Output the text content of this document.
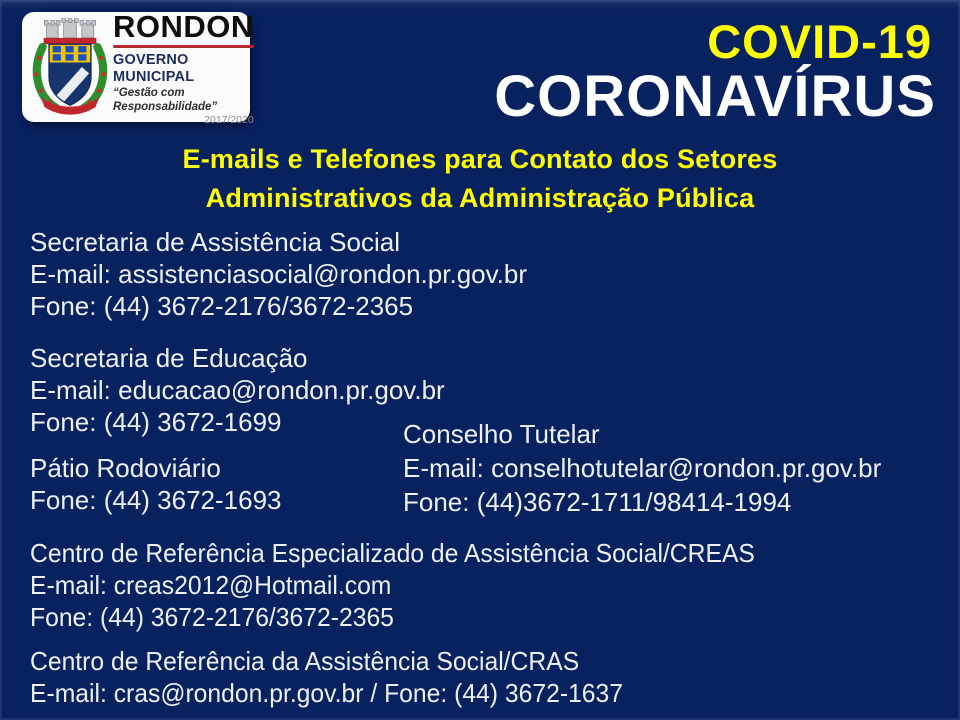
RONDON
GOVERNO MUNICIPAL
“Gestão com Responsabilidade”
2017/2020
COVID-19
CORONAVÍRUS
E-mails e Telefones para Contato dos Setores
Administrativos da Administração Pública
Secretaria de Assistência Social
E-mail: assistenciasocial@rondon.pr.gov.br
Fone: (44) 3672-2176/3672-2365
Secretaria de Educação
E-mail: educacao@rondon.pr.gov.br
Fone: (44) 3672-1699	Conselho Tutelar
E-mail: conselhotutelar@rondon.pr.gov.br
Fone: (44)3672-1711/98414-1994
Pátio Rodoviário
Fone: (44) 3672-1693
Centro de Referência Especializado de Assistência Social/CREAS
E-mail: creas2012@Hotmail.com
Fone: (44) 3672-2176/3672-2365
Centro de Referência da Assistência Social/CRAS
E-mail: cras@rondon.pr.gov.br / Fone: (44) 3672-1637
